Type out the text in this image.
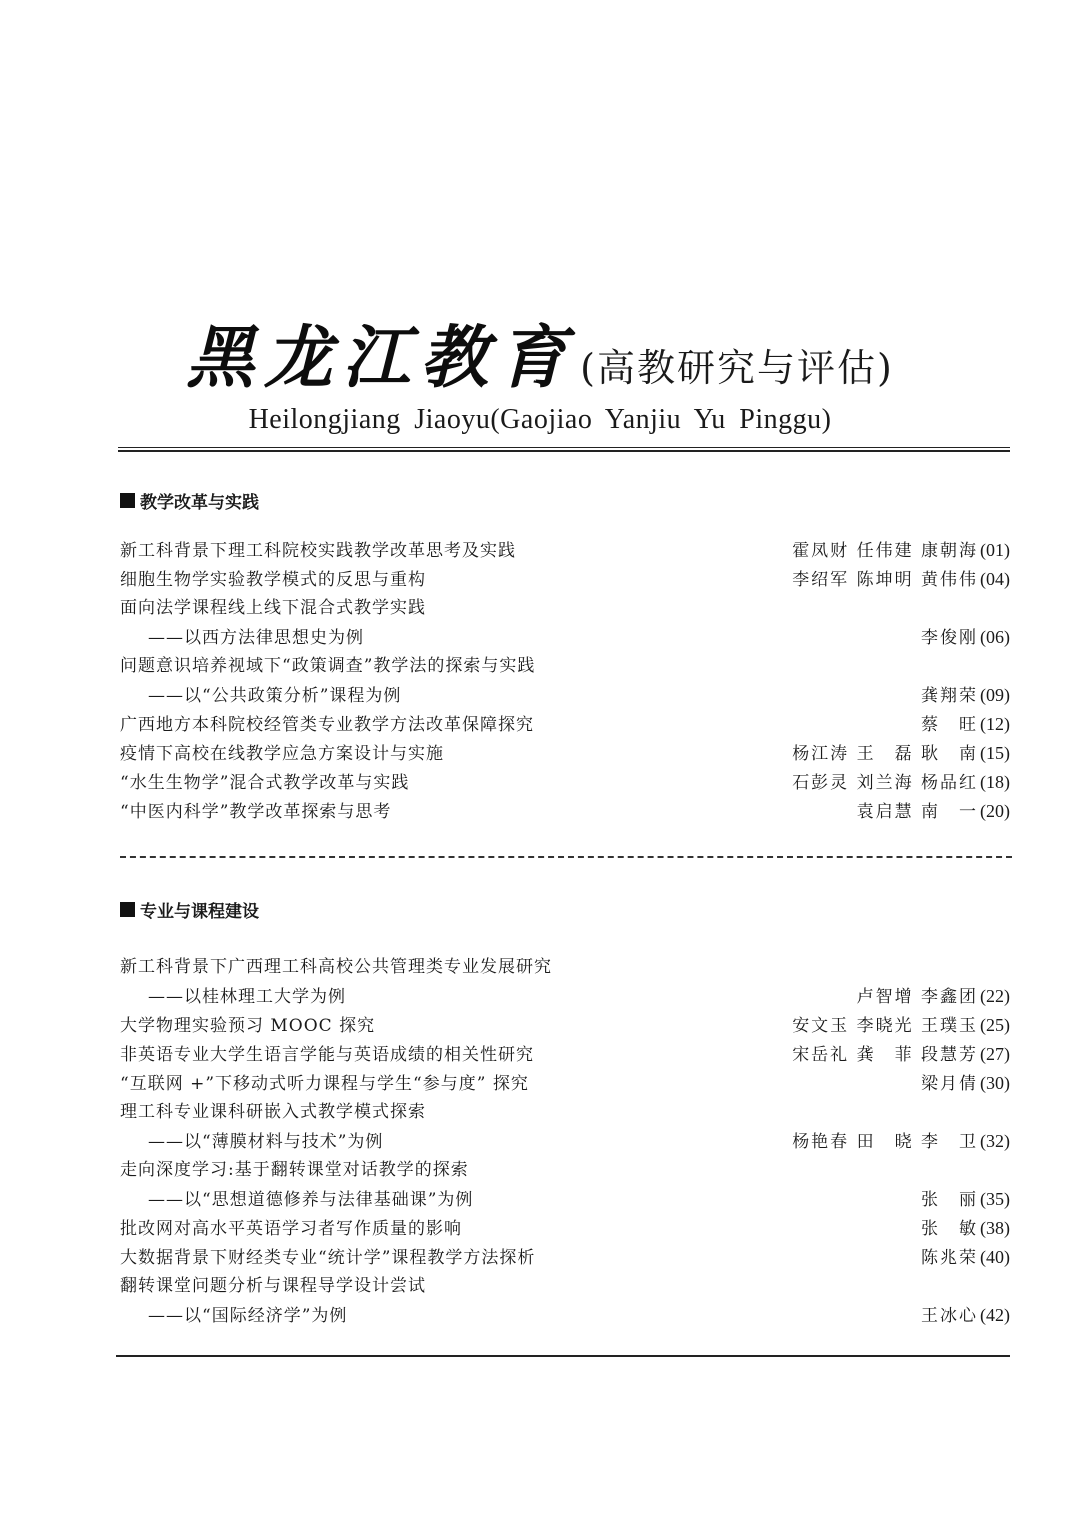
黑龙江教育 (高教研究与评估)
Heilongjiang Jiaoyu(Gaojiao Yanjiu Yu Pinggu)
教学改革与实践
新工科背景下理工科院校实践教学改革思考及实践	霍凤财 任伟建 康朝海 (01)
细胞生物学实验教学模式的反思与重构	李绍军 陈坤明 黄伟伟 (04)
面向法学课程线上线下混合式教学实践
——以西方法律思想史为例	李俊刚 (06)
问题意识培养视域下“政策调查”教学法的探索与实践
——以“公共政策分析”课程为例	龚翔荣 (09)
广西地方本科院校经管类专业教学方法改革保障探究	蔡　旺 (12)
疫情下高校在线教学应急方案设计与实施	杨江涛 王　磊 耿　南 (15)
“水生生物学”混合式教学改革与实践	石彭灵 刘兰海 杨品红 (18)
“中医内科学”教学改革探索与思考	袁启慧 南　一 (20)
专业与课程建设
新工科背景下广西理工科高校公共管理类专业发展研究
——以桂林理工大学为例	卢智增 李鑫团 (22)
大学物理实验预习 MOOC 探究	安文玉 李晓光 王璞玉 (25)
非英语专业大学生语言学能与英语成绩的相关性研究	宋岳礼 龚　菲 段慧芳 (27)
“互联网 +”下移动式听力课程与学生“参与度” 探究	梁月倩 (30)
理工科专业课科研嵌入式教学模式探索
——以“薄膜材料与技术”为例	杨艳春 田　晓 李　卫 (32)
走向深度学习:基于翻转课堂对话教学的探索
——以“思想道德修养与法律基础课”为例	张　丽 (35)
批改网对高水平英语学习者写作质量的影响	张　敏 (38)
大数据背景下财经类专业“统计学”课程教学方法探析	陈兆荣 (40)
翻转课堂问题分析与课程导学设计尝试
——以“国际经济学”为例	王冰心 (42)
